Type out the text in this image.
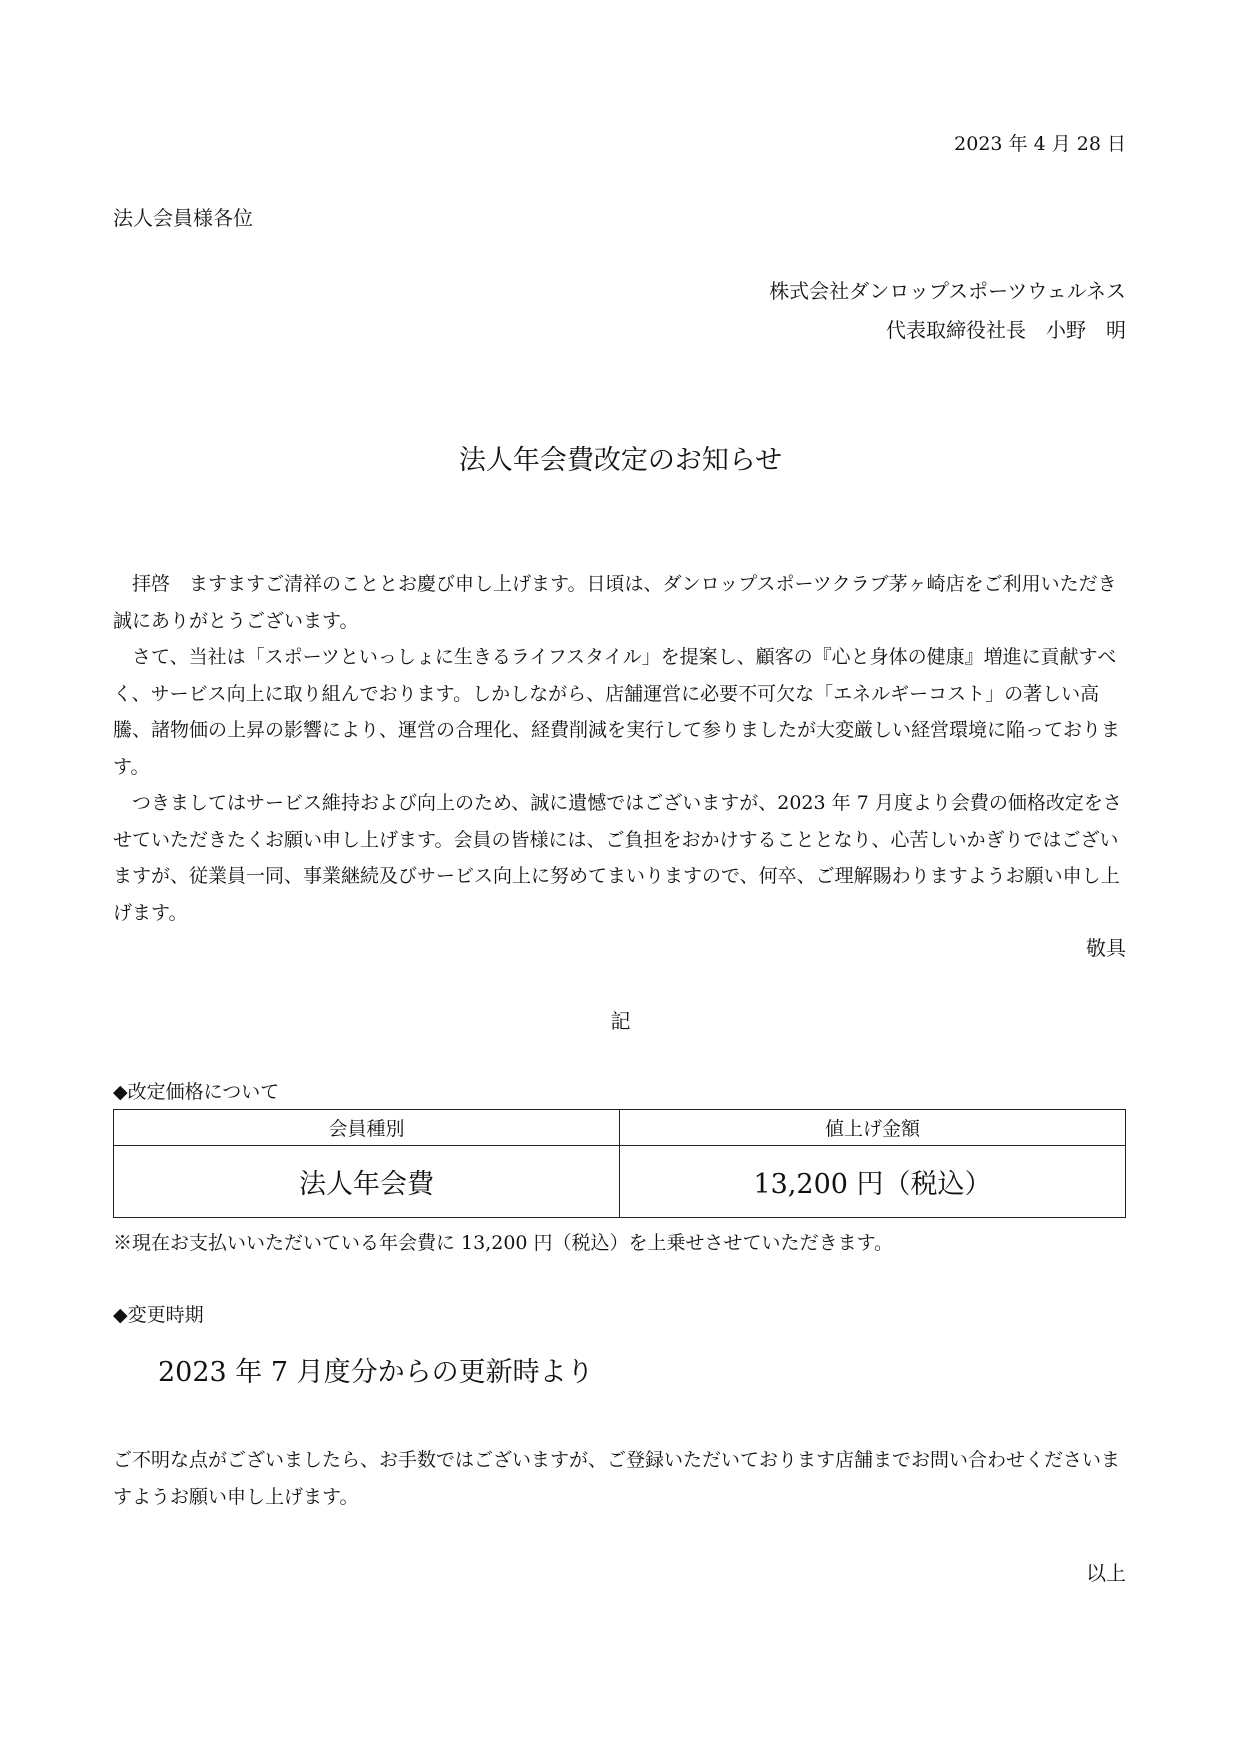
2023 年 4 月 28 日
法人会員様各位
株式会社ダンロップスポーツウェルネス
代表取締役社長　小野　明
法人年会費改定のお知らせ

　拝啓　ますますご清祥のこととお慶び申し上げます。日頃は、ダンロップスポーツクラブ茅ヶ崎店をご利用いただき誠にありがとうございます。

　さて、当社は「スポーツといっしょに生きるライフスタイル」を提案し、顧客の『心と身体の健康』増進に貢献すべく、サービス向上に取り組んでおります。しかしながら、店舗運営に必要不可欠な「エネルギーコスト」の著しい高騰、諸物価の上昇の影響により、運営の合理化、経費削減を実行して参りましたが大変厳しい経営環境に陥っております。

　つきましてはサービス維持および向上のため、誠に遺憾ではございますが、2023 年 7 月度より会費の価格改定をさせていただきたくお願い申し上げます。会員の皆様には、ご負担をおかけすることとなり、心苦しいかぎりではございますが、従業員一同、事業継続及びサービス向上に努めてまいりますので、何卒、ご理解賜わりますようお願い申し上げます。

敬具
記
◆改定価格について
会員種別	値上げ金額
法人年会費	13,200 円（税込）
※現在お支払いいただいている年会費に 13,200 円（税込）を上乗せさせていただきます。
◆変更時期
2023 年 7 月度分からの更新時より

ご不明な点がございましたら、お手数ではございますが、ご登録いただいております店舗までお問い合わせくださいますようお願い申し上げます。

以上
